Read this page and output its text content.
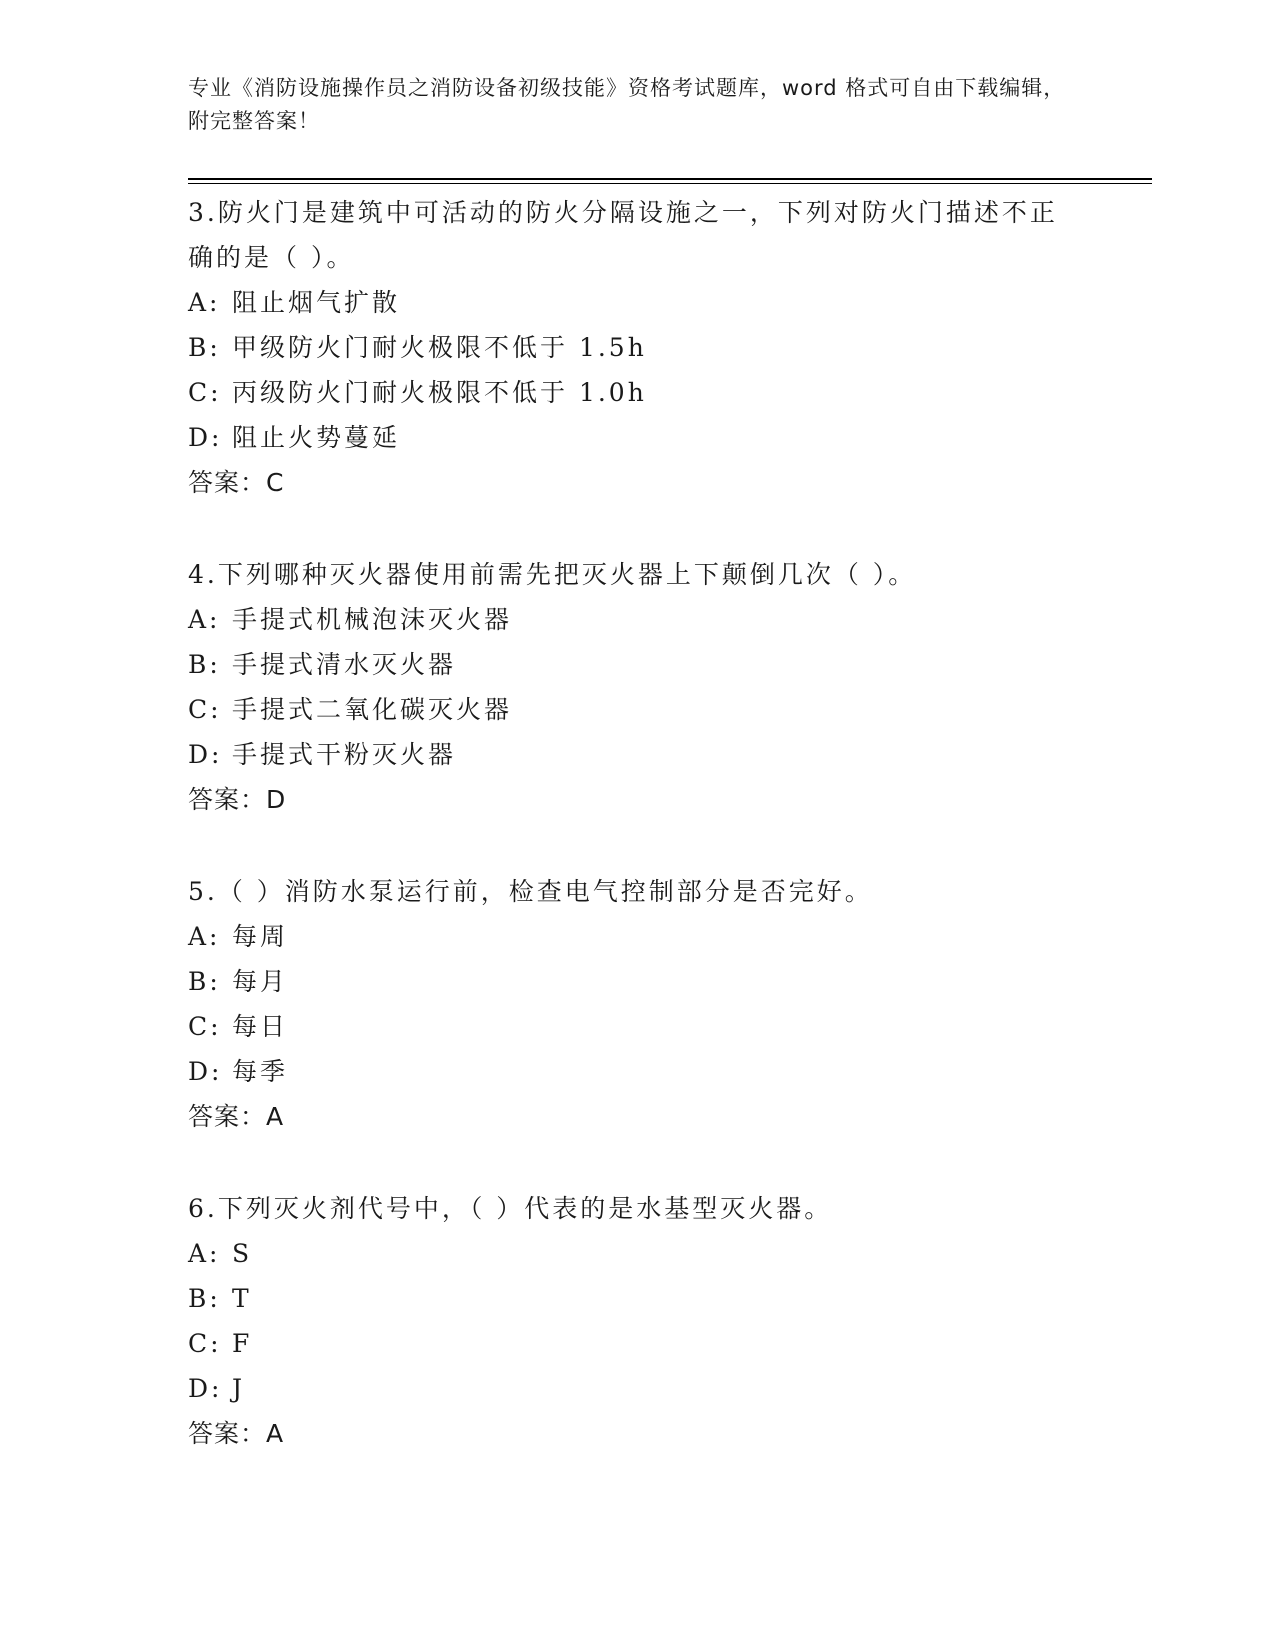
专业《消防设施操作员之消防设备初级技能》资格考试题库，word 格式可自由下载编辑，附完整答案！
3.防火门是建筑中可活动的防火分隔设施之一，下列对防火门描述不正确的是（ ）。
A: 阻止烟气扩散
B: 甲级防火门耐火极限不低于 1.5h
C: 丙级防火门耐火极限不低于 1.0h
D: 阻止火势蔓延
答案：C
4.下列哪种灭火器使用前需先把灭火器上下颠倒几次（ ）。
A: 手提式机械泡沫灭火器
B: 手提式清水灭火器
C: 手提式二氧化碳灭火器
D: 手提式干粉灭火器
答案：D
5.（ ）消防水泵运行前，检查电气控制部分是否完好。
A: 每周
B: 每月
C: 每日
D: 每季
答案：A
6.下列灭火剂代号中，（ ）代表的是水基型灭火器。
A: S
B: T
C: F
D: J
答案：A
